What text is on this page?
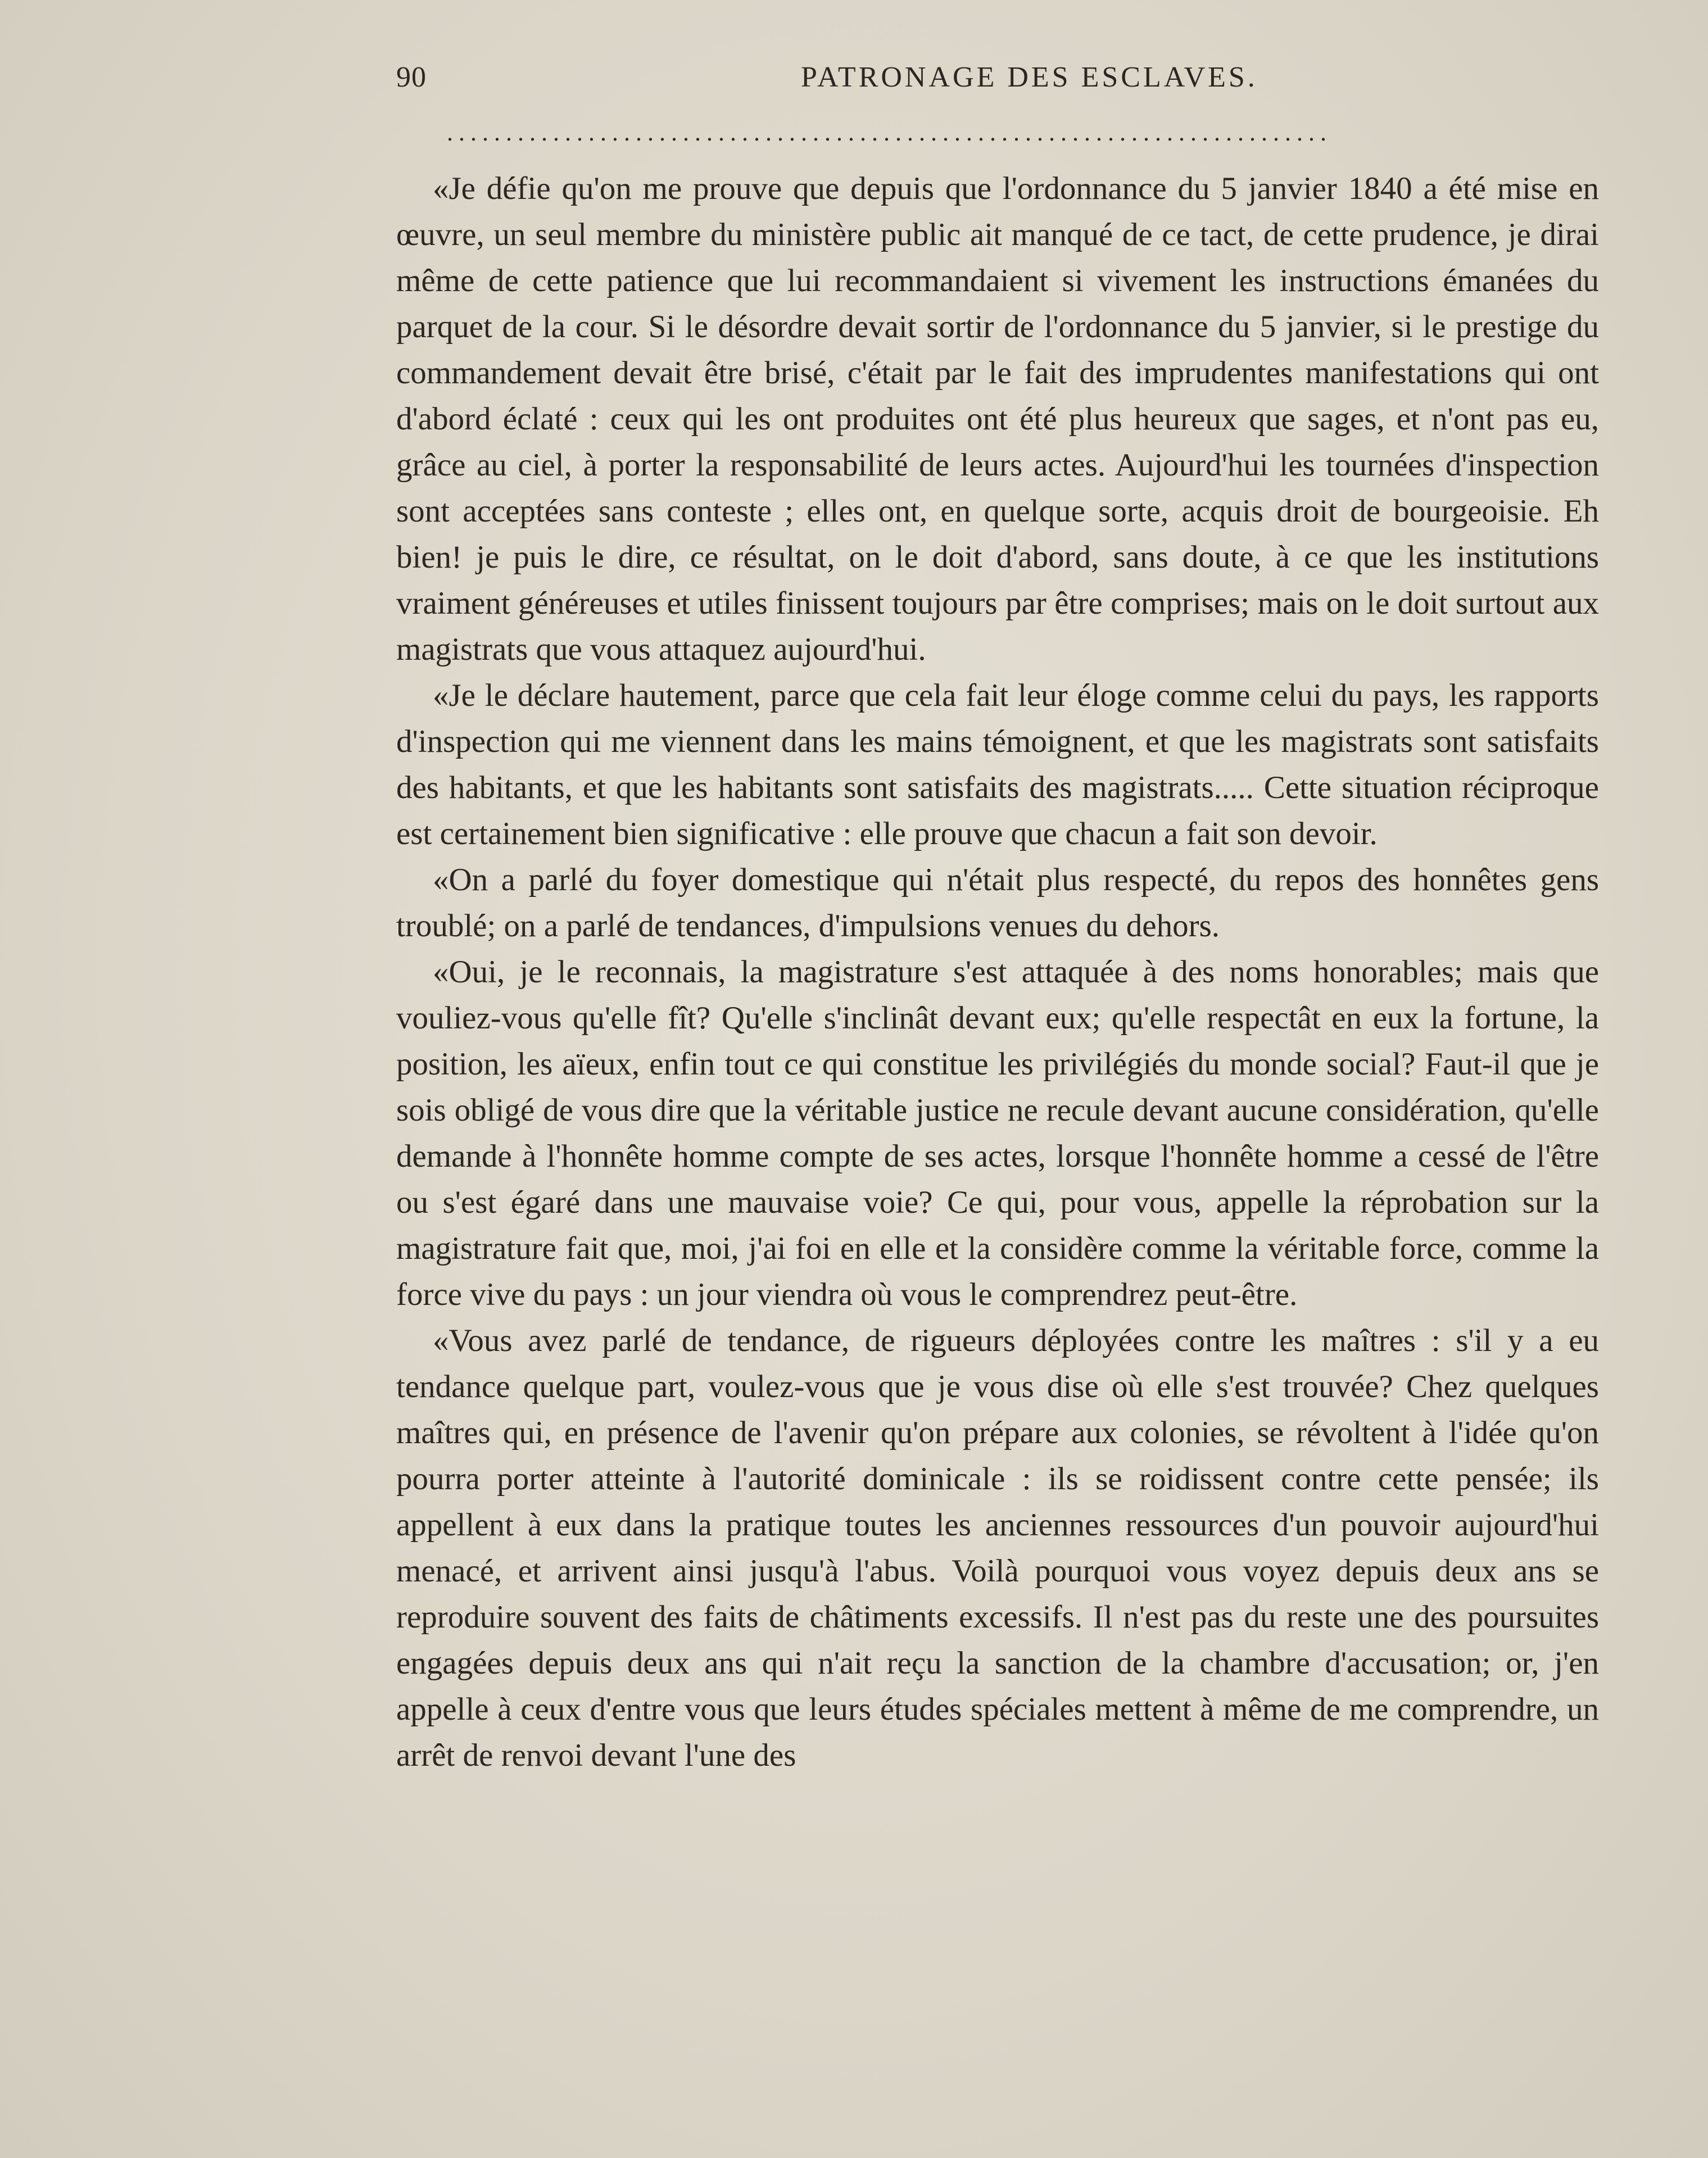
90	PATRONAGE DES ESCLAVES.
...........................................................................

«Je défie qu'on me prouve que depuis que l'ordonnance du 5 janvier 1840 a été mise en œuvre, un seul membre du ministère public ait manqué de ce tact, de cette prudence, je dirai même de cette patience que lui recommandaient si vivement les instructions émanées du parquet de la cour. Si le désordre devait sortir de l'ordonnance du 5 janvier, si le prestige du commandement devait être brisé, c'était par le fait des imprudentes manifestations qui ont d'abord éclaté : ceux qui les ont produites ont été plus heureux que sages, et n'ont pas eu, grâce au ciel, à porter la responsabilité de leurs actes. Aujourd'hui les tournées d'inspection sont acceptées sans conteste ; elles ont, en quelque sorte, acquis droit de bourgeoisie. Eh bien! je puis le dire, ce résultat, on le doit d'abord, sans doute, à ce que les institutions vraiment généreuses et utiles finissent toujours par être comprises; mais on le doit surtout aux magistrats que vous attaquez aujourd'hui.

«Je le déclare hautement, parce que cela fait leur éloge comme celui du pays, les rapports d'inspection qui me viennent dans les mains témoignent, et que les magistrats sont satisfaits des habitants, et que les habitants sont satisfaits des magistrats..... Cette situation réciproque est certainement bien significative : elle prouve que chacun a fait son devoir.

«On a parlé du foyer domestique qui n'était plus respecté, du repos des honnêtes gens troublé; on a parlé de tendances, d'impulsions venues du dehors.

«Oui, je le reconnais, la magistrature s'est attaquée à des noms honorables; mais que vouliez-vous qu'elle fît? Qu'elle s'inclinât devant eux; qu'elle respectât en eux la fortune, la position, les aïeux, enfin tout ce qui constitue les privilégiés du monde social? Faut-il que je sois obligé de vous dire que la véritable justice ne recule devant aucune considération, qu'elle demande à l'honnête homme compte de ses actes, lorsque l'honnête homme a cessé de l'être ou s'est égaré dans une mauvaise voie? Ce qui, pour vous, appelle la réprobation sur la magistrature fait que, moi, j'ai foi en elle et la considère comme la véritable force, comme la force vive du pays : un jour viendra où vous le comprendrez peut-être.

«Vous avez parlé de tendance, de rigueurs déployées contre les maîtres : s'il y a eu tendance quelque part, voulez-vous que je vous dise où elle s'est trouvée? Chez quelques maîtres qui, en présence de l'avenir qu'on prépare aux colonies, se révoltent à l'idée qu'on pourra porter atteinte à l'autorité dominicale : ils se roidissent contre cette pensée; ils appellent à eux dans la pratique toutes les anciennes ressources d'un pouvoir aujourd'hui menacé, et arrivent ainsi jusqu'à l'abus. Voilà pourquoi vous voyez depuis deux ans se reproduire souvent des faits de châtiments excessifs. Il n'est pas du reste une des poursuites engagées depuis deux ans qui n'ait reçu la sanction de la chambre d'accusation; or, j'en appelle à ceux d'entre vous que leurs études spéciales mettent à même de me comprendre, un arrêt de renvoi devant l'une des
